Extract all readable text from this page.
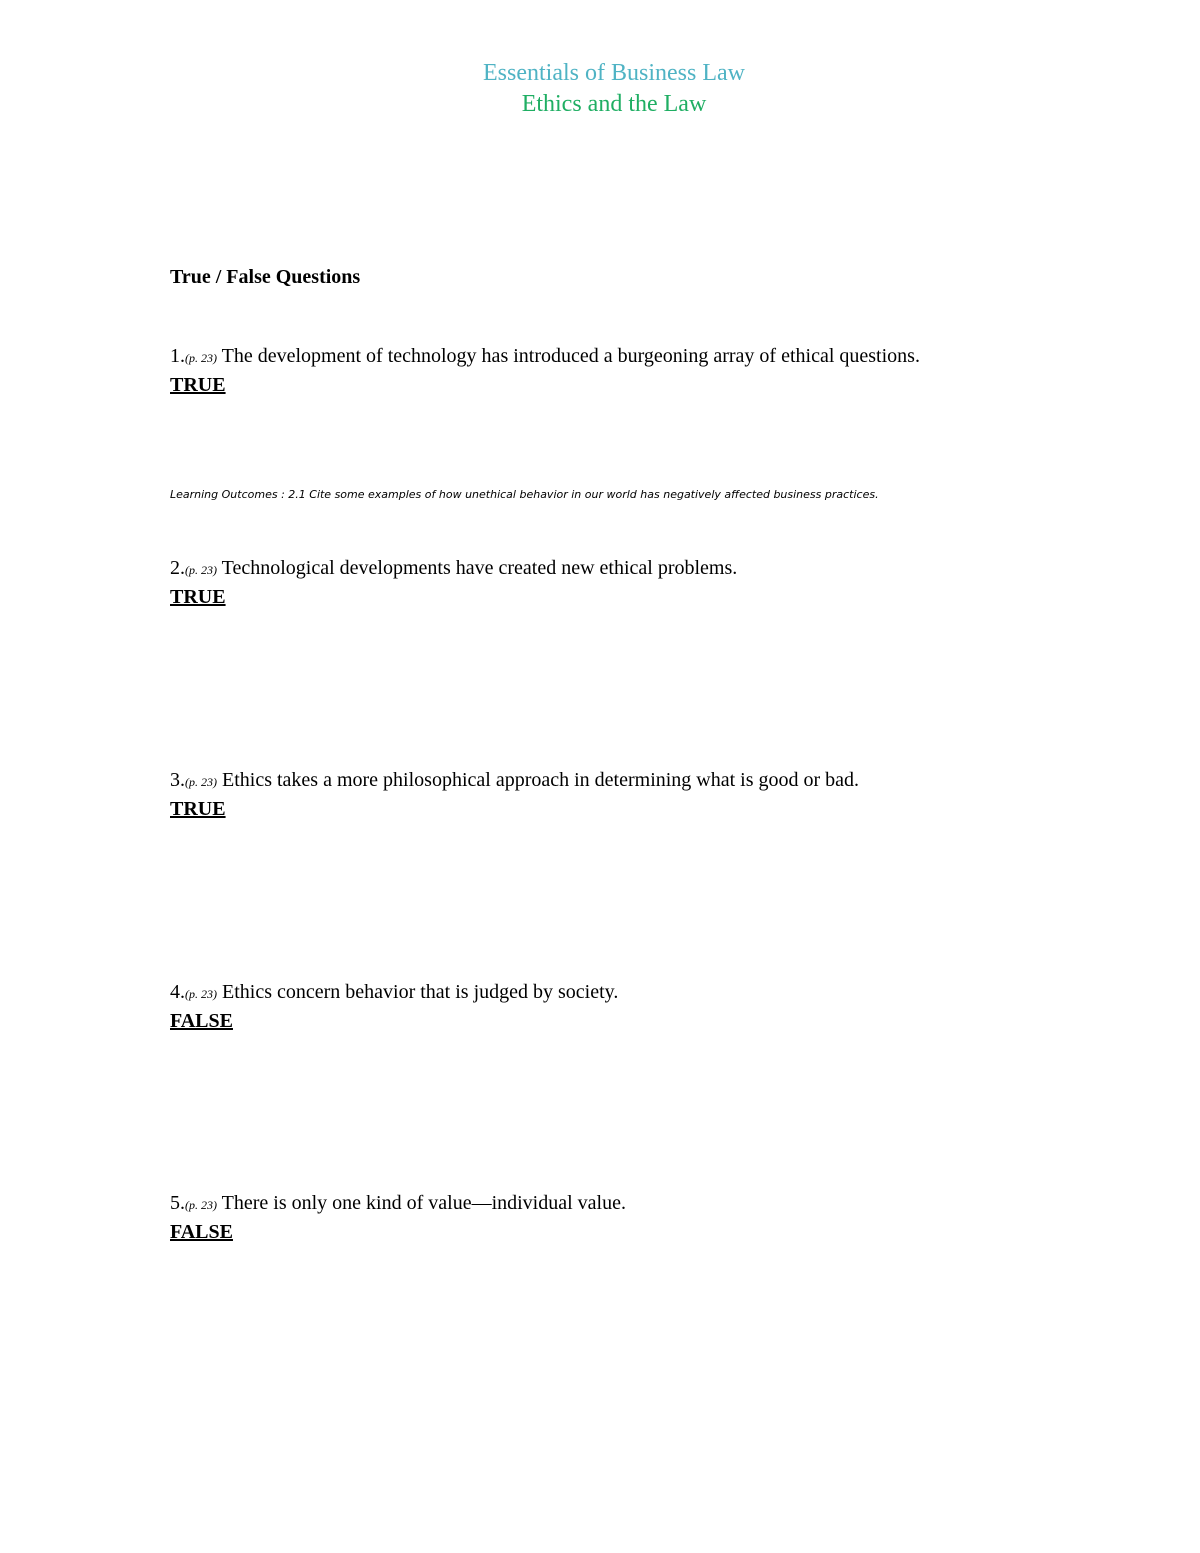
Essentials of Business Law
Ethics and the Law
True / False Questions
1.(p. 23) The development of technology has introduced a burgeoning array of ethical questions.
TRUE
Learning Outcomes : 2.1 Cite some examples of how unethical behavior in our world has negatively affected business practices.
2.(p. 23) Technological developments have created new ethical problems.
TRUE
3.(p. 23) Ethics takes a more philosophical approach in determining what is good or bad.
TRUE
4.(p. 23) Ethics concern behavior that is judged by society.
FALSE
5.(p. 23) There is only one kind of value—individual value.
FALSE
